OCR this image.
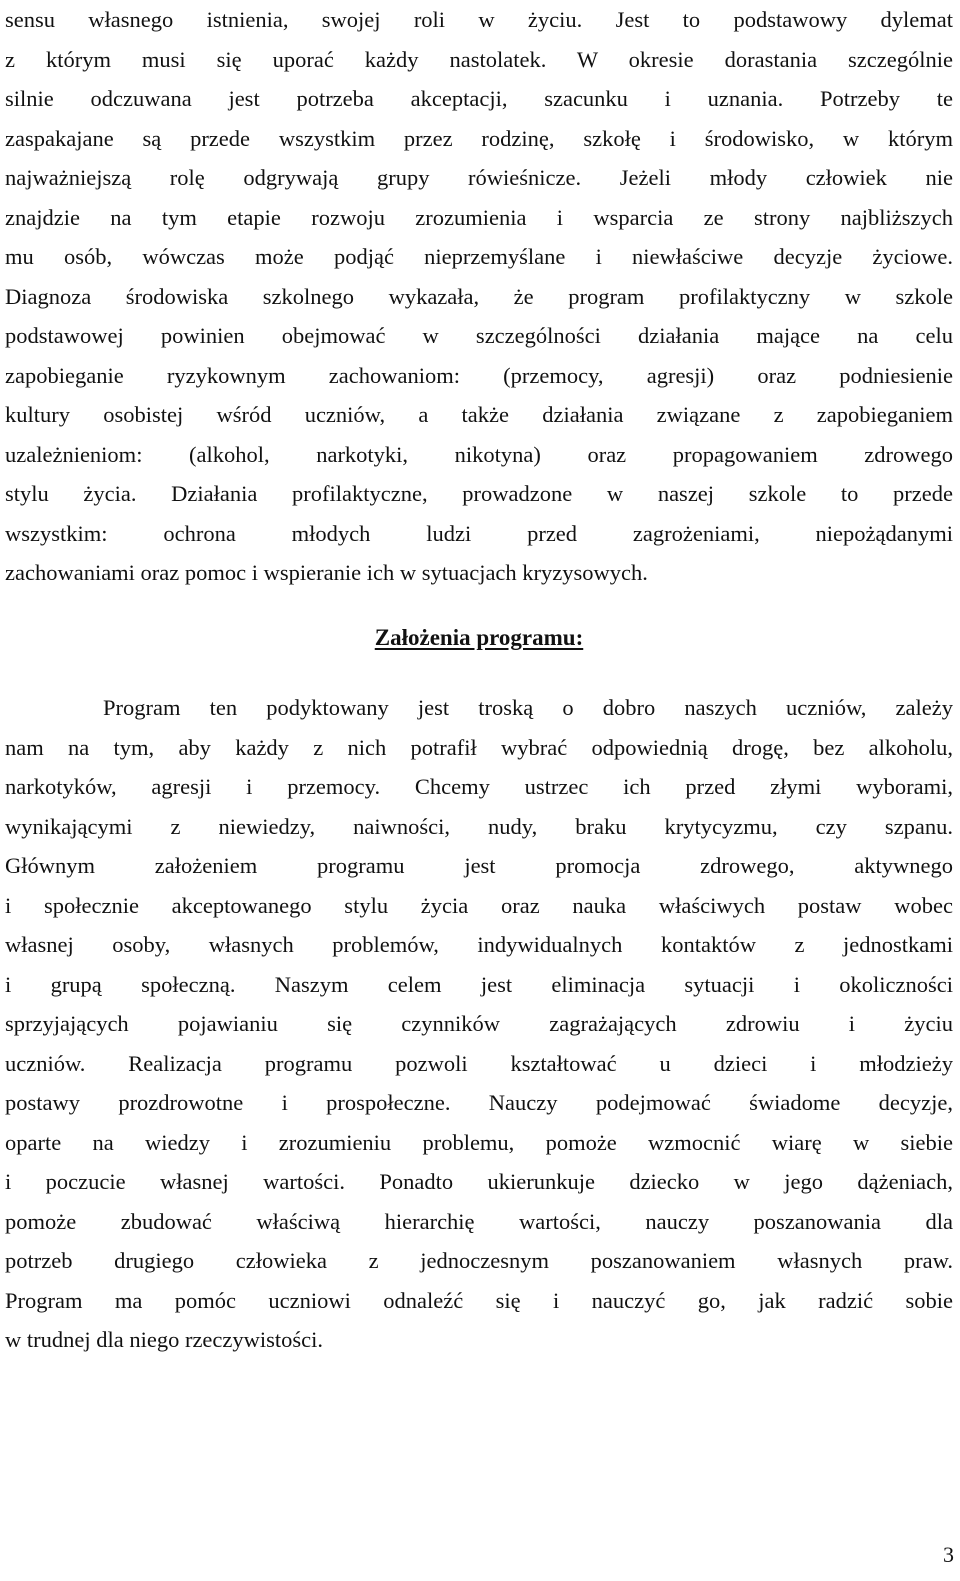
sensu własnego istnienia, swojej roli w życiu. Jest to podstawowy dylemat
z którym musi się uporać każdy nastolatek. W okresie dorastania szczególnie
silnie odczuwana jest potrzeba akceptacji, szacunku i uznania. Potrzeby te
zaspakajane są przede wszystkim przez rodzinę, szkołę i środowisko, w którym
najważniejszą rolę odgrywają grupy rówieśnicze. Jeżeli młody człowiek nie
znajdzie na tym etapie rozwoju zrozumienia i wsparcia ze strony najbliższych
mu osób, wówczas może podjąć nieprzemyślane i niewłaściwe decyzje życiowe.
Diagnoza środowiska szkolnego wykazała, że program profilaktyczny w szkole
podstawowej powinien obejmować w szczególności działania mające na celu
zapobieganie ryzykownym zachowaniom: (przemocy, agresji) oraz podniesienie
kultury osobistej wśród uczniów, a także działania związane z zapobieganiem
uzależnieniom: (alkohol, narkotyki, nikotyna) oraz propagowaniem zdrowego
stylu życia. Działania profilaktyczne, prowadzone w naszej szkole to przede
wszystkim: ochrona młodych ludzi przed zagrożeniami, niepożądanymi
zachowaniami oraz pomoc i wspieranie ich w sytuacjach kryzysowych.
Założenia programu:
Program ten podyktowany jest troską o dobro naszych uczniów, zależy
nam na tym, aby każdy z nich potrafił wybrać odpowiednią drogę, bez alkoholu,
narkotyków, agresji i przemocy. Chcemy ustrzec ich przed złymi wyborami,
wynikającymi z niewiedzy, naiwności, nudy, braku krytycyzmu, czy szpanu.
Głównym założeniem programu jest promocja zdrowego, aktywnego
i społecznie akceptowanego stylu życia oraz nauka właściwych postaw wobec
własnej osoby, własnych problemów, indywidualnych kontaktów z jednostkami
i grupą społeczną. Naszym celem jest eliminacja sytuacji i okoliczności
sprzyjających pojawianiu się czynników zagrażających zdrowiu i życiu
uczniów. Realizacja programu pozwoli kształtować u dzieci i młodzieży
postawy prozdrowotne i prospołeczne. Nauczy podejmować świadome decyzje,
oparte na wiedzy i zrozumieniu problemu, pomoże wzmocnić wiarę w siebie
i poczucie własnej wartości. Ponadto ukierunkuje dziecko w jego dążeniach,
pomoże zbudować właściwą hierarchię wartości, nauczy poszanowania dla
potrzeb drugiego człowieka z jednoczesnym poszanowaniem własnych praw.
Program ma pomóc uczniowi odnaleźć się i nauczyć go, jak radzić sobie
w trudnej dla niego rzeczywistości.
3
